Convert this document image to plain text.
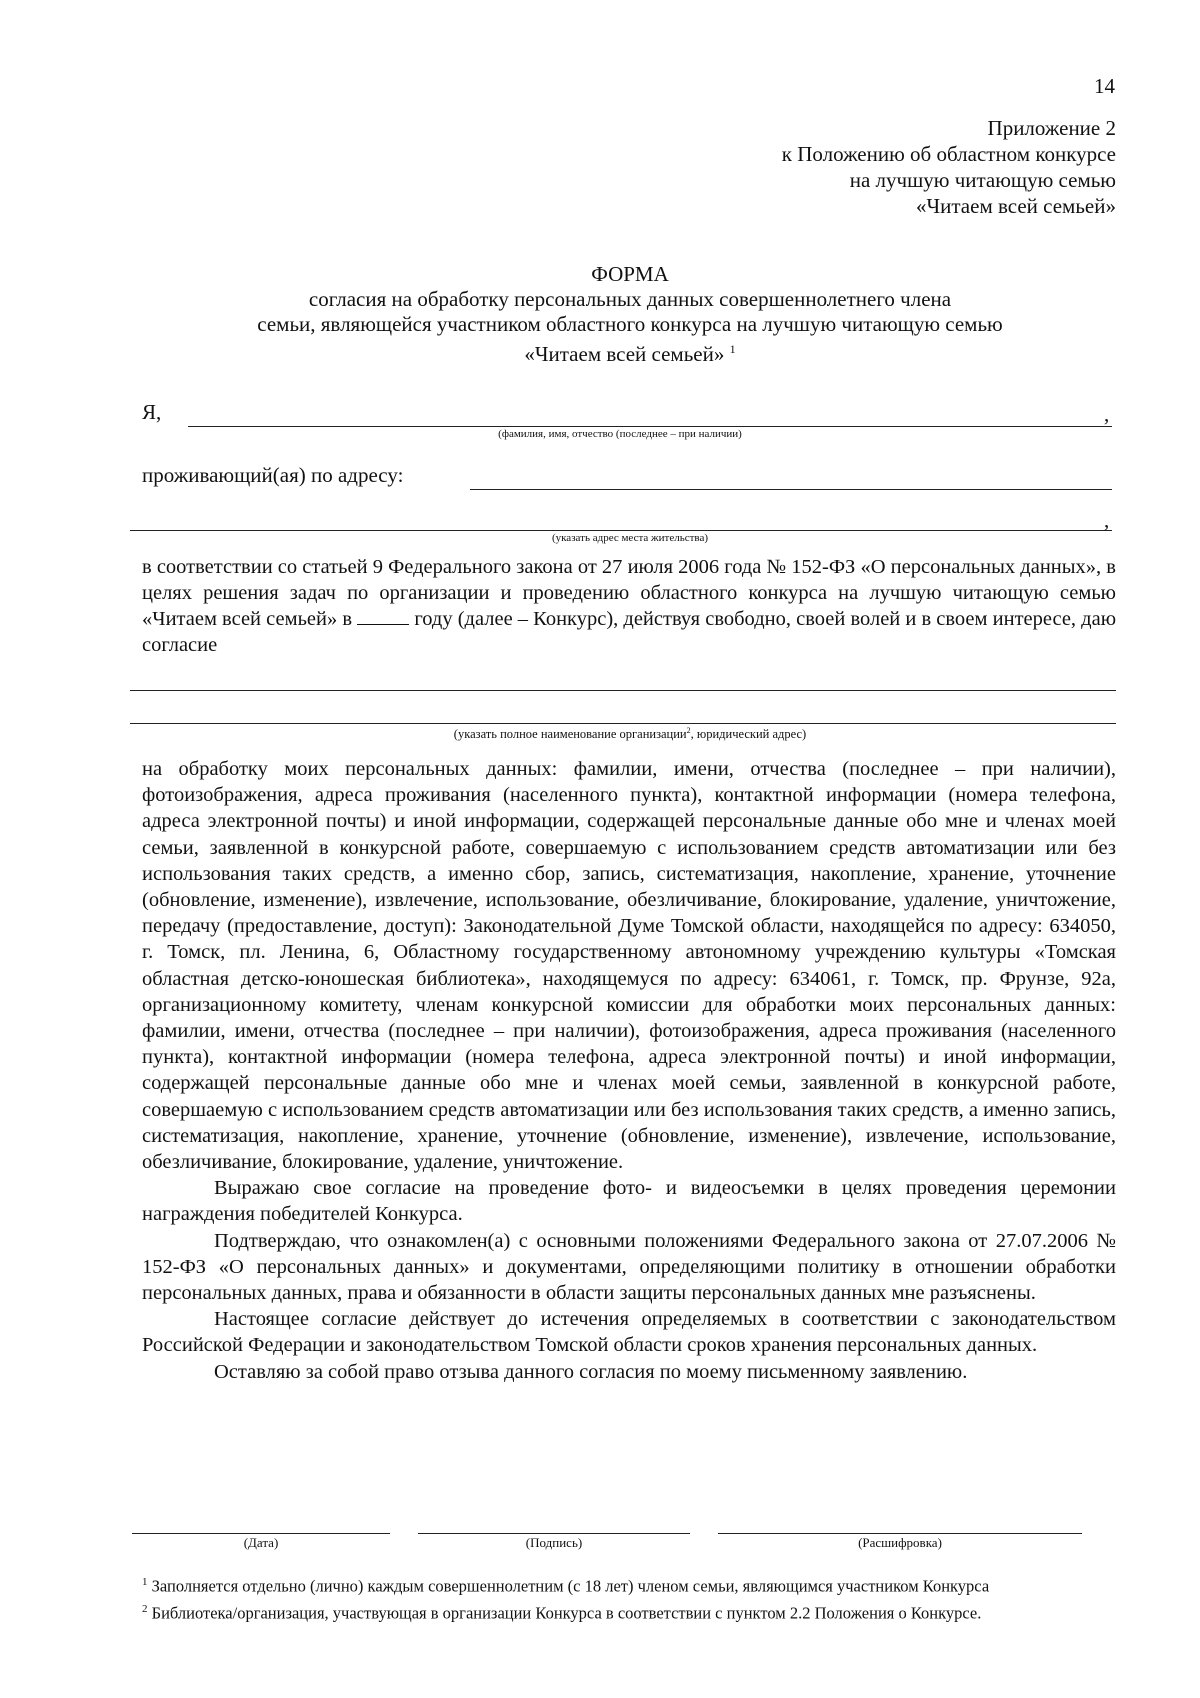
14
Приложение 2
к Положению об областном конкурсе
на лучшую читающую семью
«Читаем всей семьей»
ФОРМА
согласия на обработку персональных данных совершеннолетнего члена
семьи, являющейся участником областного конкурса на лучшую читающую семью
«Читаем всей семьей» $^1$
Я,	,
(фамилия, имя, отчество (последнее – при наличии)
проживающий(ая) по адресу:
,
(указать адрес места жительства)

в соответствии со статьей 9 Федерального закона от 27 июля 2006 года № 152-ФЗ «О персональных данных», в целях решения задач по организации и проведению областного конкурса на лучшую читающую семью «Читаем всей семьей» в	году (далее – Конкурс), действуя свободно, своей волей и в своем интересе, даю согласие

(указать полное наименование организации$^2$, юридический адрес)

на обработку моих персональных данных: фамилии, имени, отчества (последнее – при наличии), фотоизображения, адреса проживания (населенного пункта), контактной информации (номера телефона, адреса электронной почты) и иной информации, содержащей персональные данные обо мне и членах моей семьи, заявленной в конкурсной работе, совершаемую с использованием средств автоматизации или без использования таких средств, а именно сбор, запись, систематизация, накопление, хранение, уточнение (обновление, изменение), извлечение, использование, обезличивание, блокирование, удаление, уничтожение, передачу (предоставление, доступ): Законодательной Думе Томской области, находящейся по адресу: 634050, г. Томск, пл. Ленина, 6, Областному государственному автономному учреждению культуры «Томская областная детско-юношеская библиотека», находящемуся по адресу: 634061, г. Томск, пр. Фрунзе, 92а, организационному комитету, членам конкурсной комиссии для обработки моих персональных данных: фамилии, имени, отчества (последнее – при наличии), фотоизображения, адреса проживания (населенного пункта), контактной информации (номера телефона, адреса электронной почты) и иной информации, содержащей персональные данные обо мне и членах моей семьи, заявленной в конкурсной работе, совершаемую с использованием средств автоматизации или без использования таких средств, а именно запись, систематизация, накопление, хранение, уточнение (обновление, изменение), извлечение, использование, обезличивание, блокирование, удаление, уничтожение.

Выражаю свое согласие на проведение фото- и видеосъемки в целях проведения церемонии награждения победителей Конкурса.

Подтверждаю, что ознакомлен(а) с основными положениями Федерального закона от 27.07.2006 № 152-ФЗ «О персональных данных» и документами, определяющими политику в отношении обработки персональных данных, права и обязанности в области защиты персональных данных мне разъяснены.

Настоящее согласие действует до истечения определяемых в соответствии с законодательством Российской Федерации и законодательством Томской области сроков хранения персональных данных.

Оставляю за собой право отзыва данного согласия по моему письменному заявлению.

(Дата)	(Подпись)	(Расшифровка)

$^1$ Заполняется отдельно (лично) каждым совершеннолетним (с 18 лет) членом семьи, являющимся участником Конкурса

$^2$ Библиотека/организация, участвующая в организации Конкурса в соответствии с пунктом 2.2 Положения о Конкурсе.
